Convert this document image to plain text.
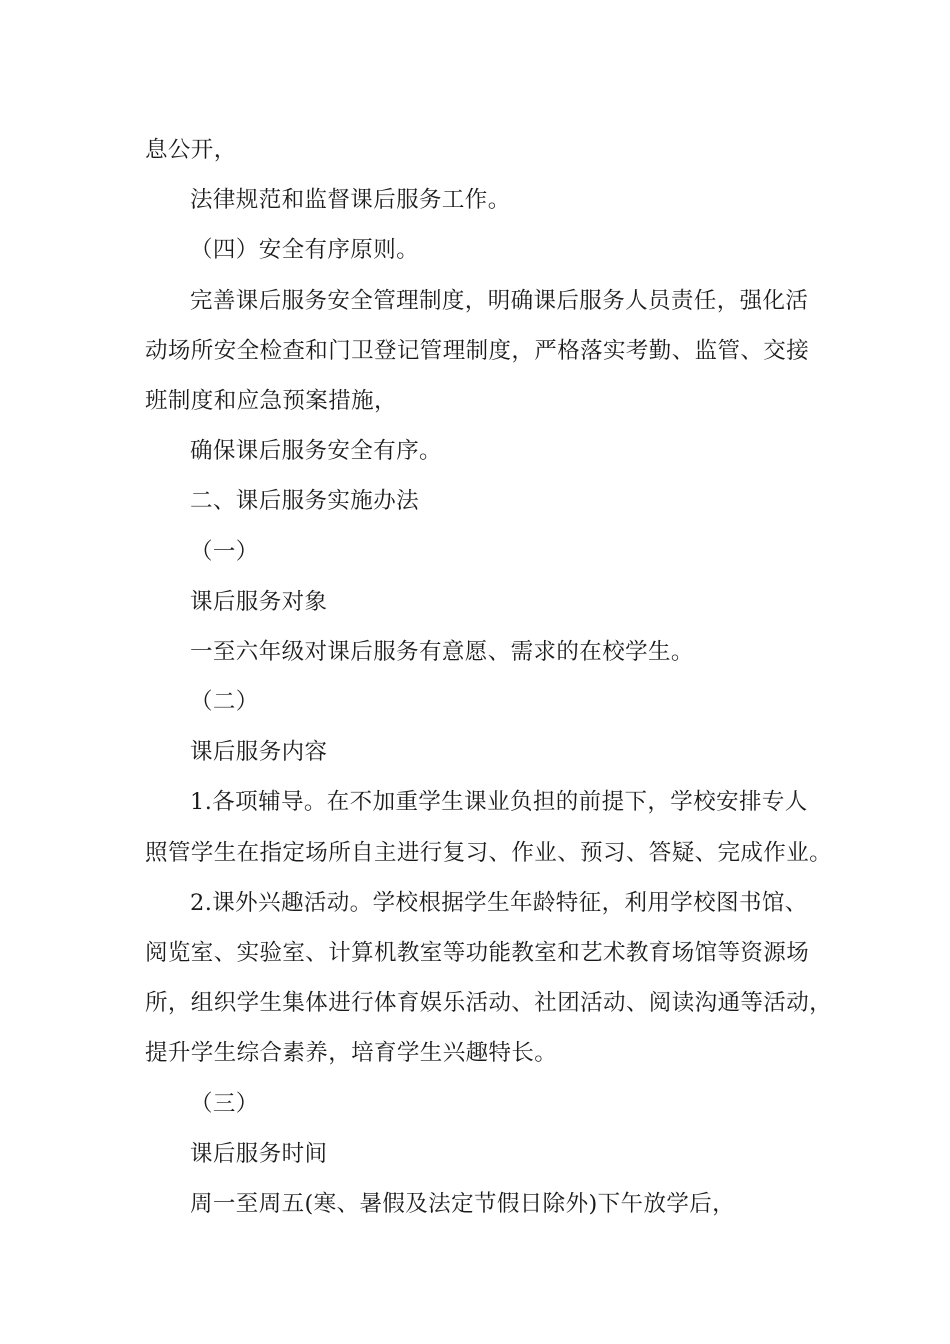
息公开，
法律规范和监督课后服务工作。
（四）安全有序原则。
完善课后服务安全管理制度，明确课后服务人员责任，强化活
动场所安全检查和门卫登记管理制度，严格落实考勤、监管、交接
班制度和应急预案措施，
确保课后服务安全有序。
二、课后服务实施办法
（一）
课后服务对象
一至六年级对课后服务有意愿、需求的在校学生。
（二）
课后服务内容
1.各项辅导。在不加重学生课业负担的前提下，学校安排专人
照管学生在指定场所自主进行复习、作业、预习、答疑、完成作业。
2.课外兴趣活动。学校根据学生年龄特征，利用学校图书馆、
阅览室、实验室、计算机教室等功能教室和艺术教育场馆等资源场
所，组织学生集体进行体育娱乐活动、社团活动、阅读沟通等活动，
提升学生综合素养，培育学生兴趣特长。
（三）
课后服务时间
周一至周五(寒、暑假及法定节假日除外)下午放学后，
